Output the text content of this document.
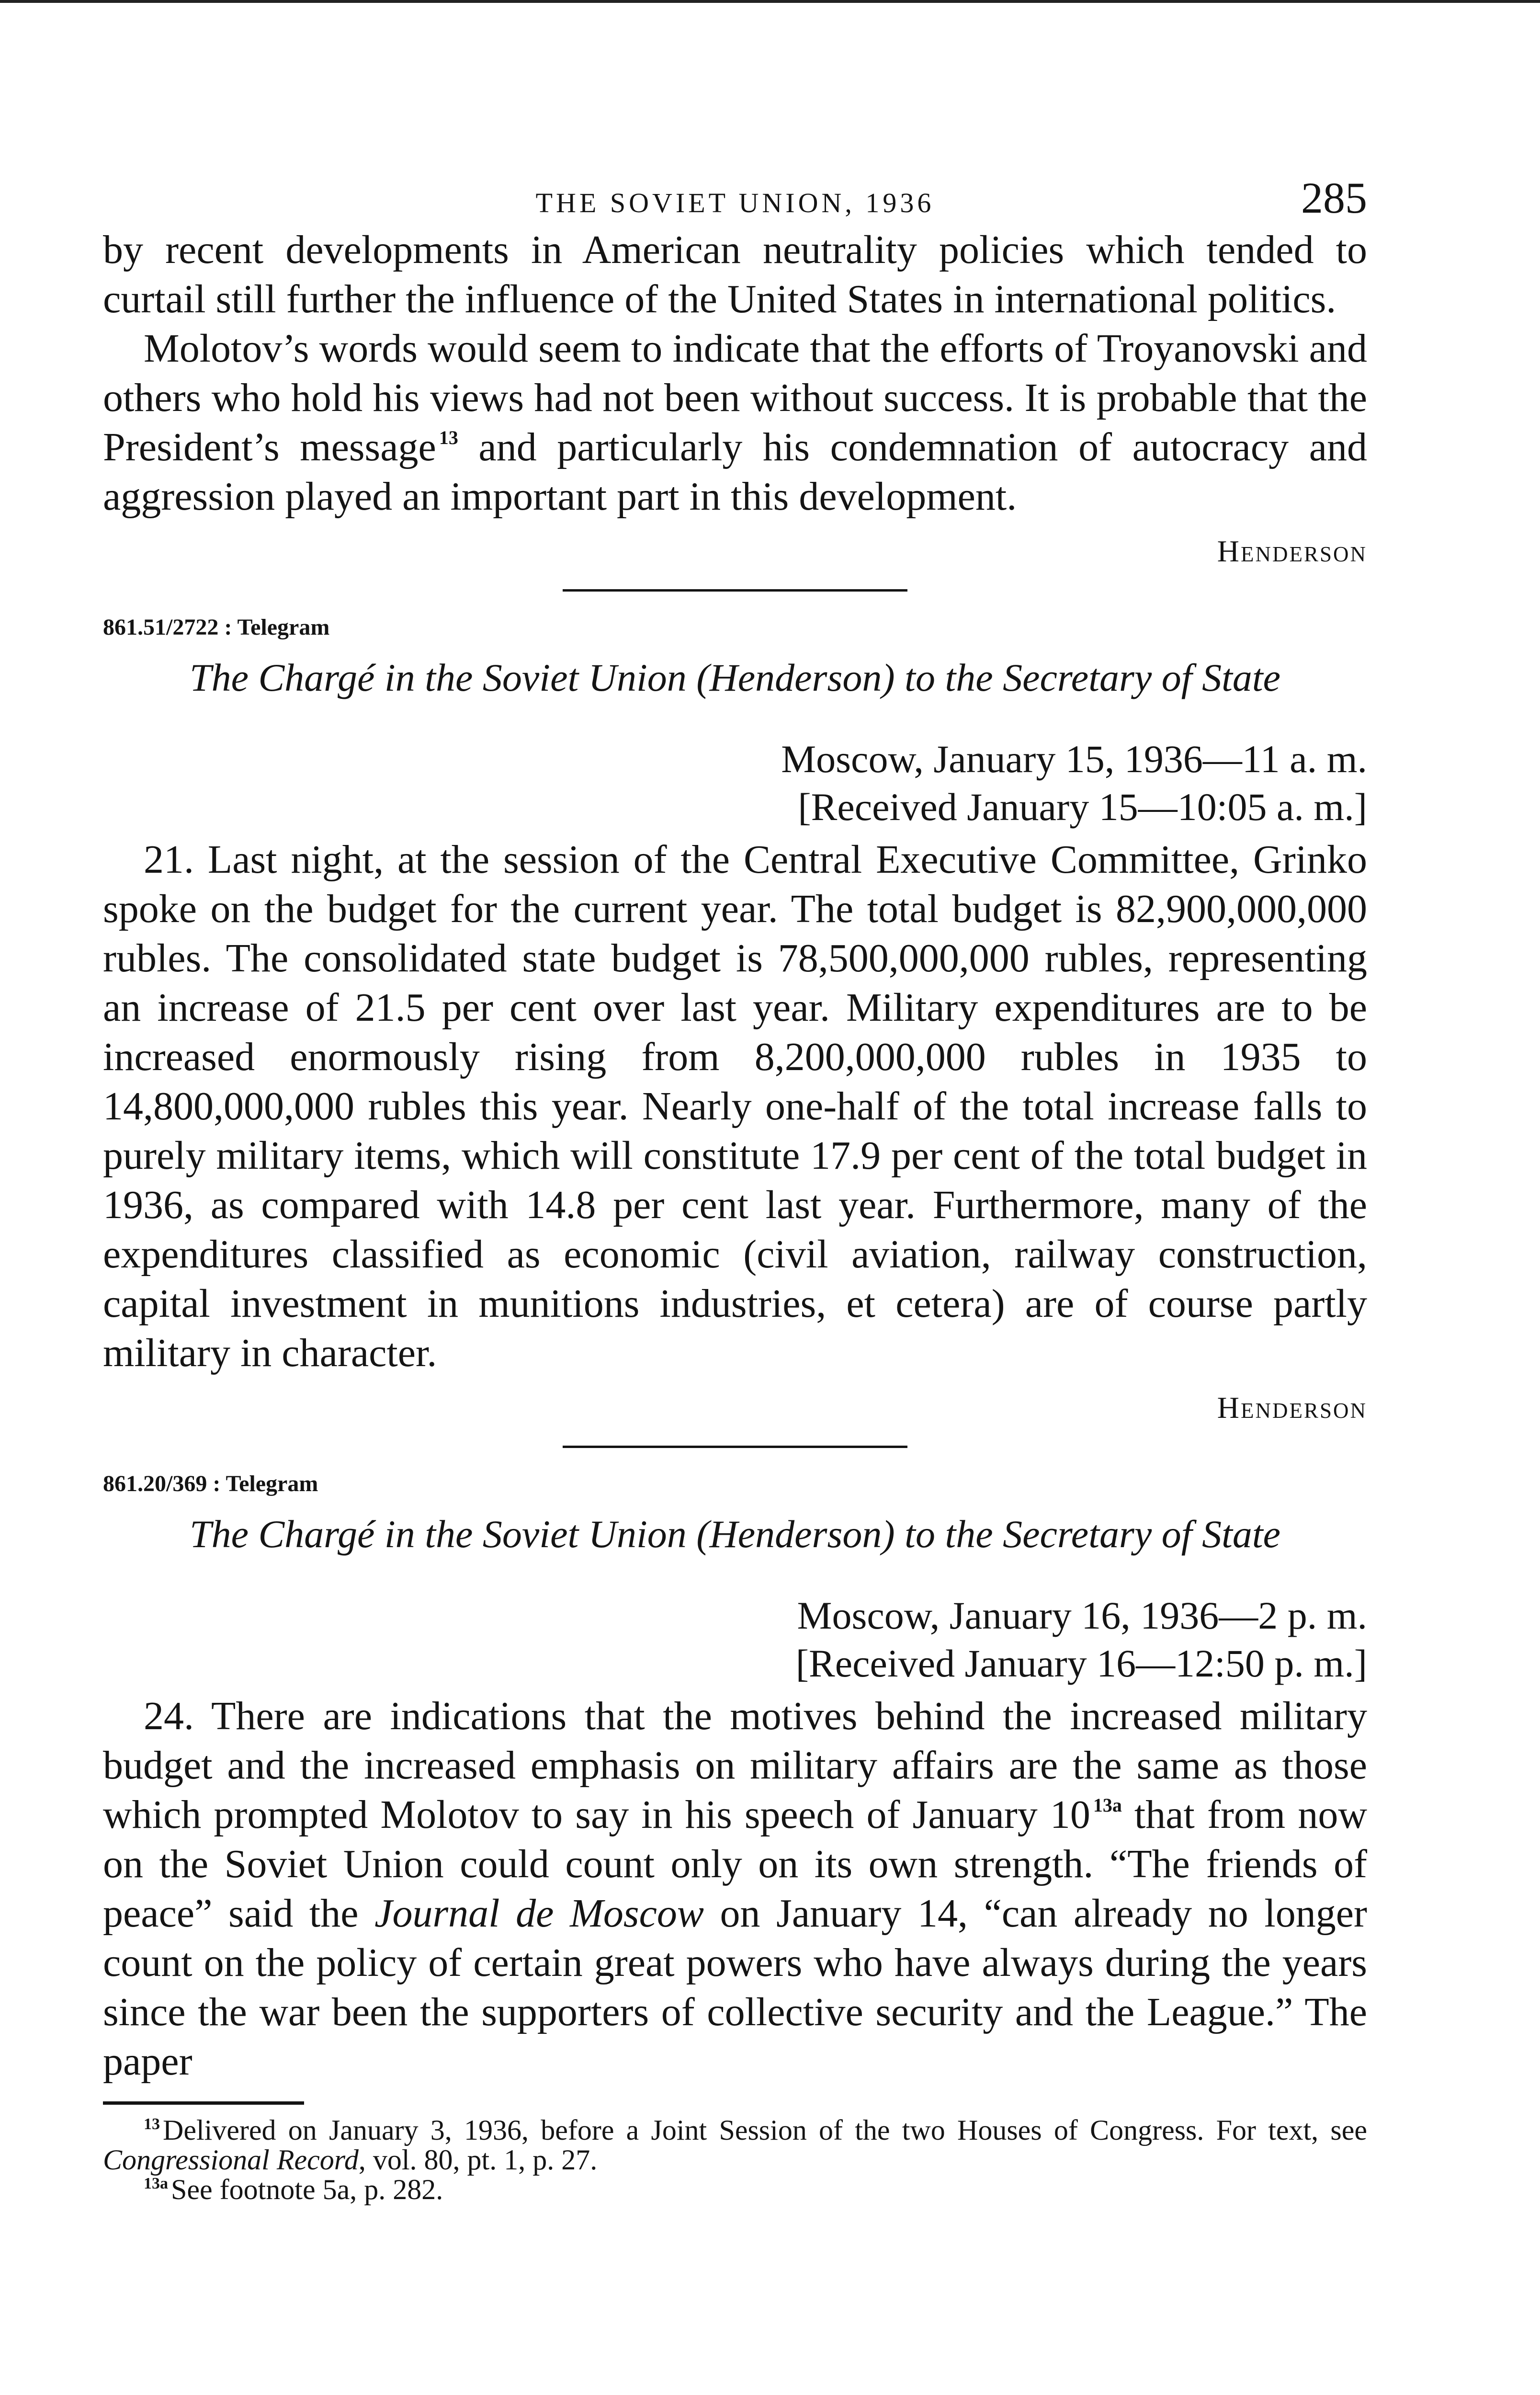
THE SOVIET UNION, 1936	285

by recent developments in American neutrality policies which tended to curtail still further the influence of the United States in international politics.

Molotov’s words would seem to indicate that the efforts of Troyanovski and others who hold his views had not been without success. It is probable that the President’s message $^{13}$ and particularly his condemnation of autocracy and aggression played an important part in this development.

Henderson

861.51/2722 : Telegram

The Chargé in the Soviet Union (Henderson) to the Secretary of State

Moscow, January 15, 1936—11 a. m.

[Received January 15—10:05 a. m.]

21. Last night, at the session of the Central Executive Committee, Grinko spoke on the budget for the current year. The total budget is 82,900,000,000 rubles. The consolidated state budget is 78,500,000,000 rubles, representing an increase of 21.5 per cent over last year. Military expenditures are to be increased enormously rising from 8,200,000,000 rubles in 1935 to 14,800,000,000 rubles this year. Nearly one-half of the total increase falls to purely military items, which will constitute 17.9 per cent of the total budget in 1936, as compared with 14.8 per cent last year. Furthermore, many of the expenditures classified as economic (civil aviation, railway construction, capital investment in munitions industries, et cetera) are of course partly military in character.

Henderson

861.20/369 : Telegram

The Chargé in the Soviet Union (Henderson) to the Secretary of State

Moscow, January 16, 1936—2 p. m.

[Received January 16—12:50 p. m.]

24. There are indications that the motives behind the increased military budget and the increased emphasis on military affairs are the same as those which prompted Molotov to say in his speech of January 10 $^{13a}$ that from now on the Soviet Union could count only on its own strength. “The friends of peace” said the Journal de Moscow on January 14, “can already no longer count on the policy of certain great powers who have always during the years since the war been the supporters of collective security and the League.” The paper

$^{13}$ Delivered on January 3, 1936, before a Joint Session of the two Houses of Congress. For text, see Congressional Record, vol. 80, pt. 1, p. 27.

$^{13a}$ See footnote 5a, p. 282.
